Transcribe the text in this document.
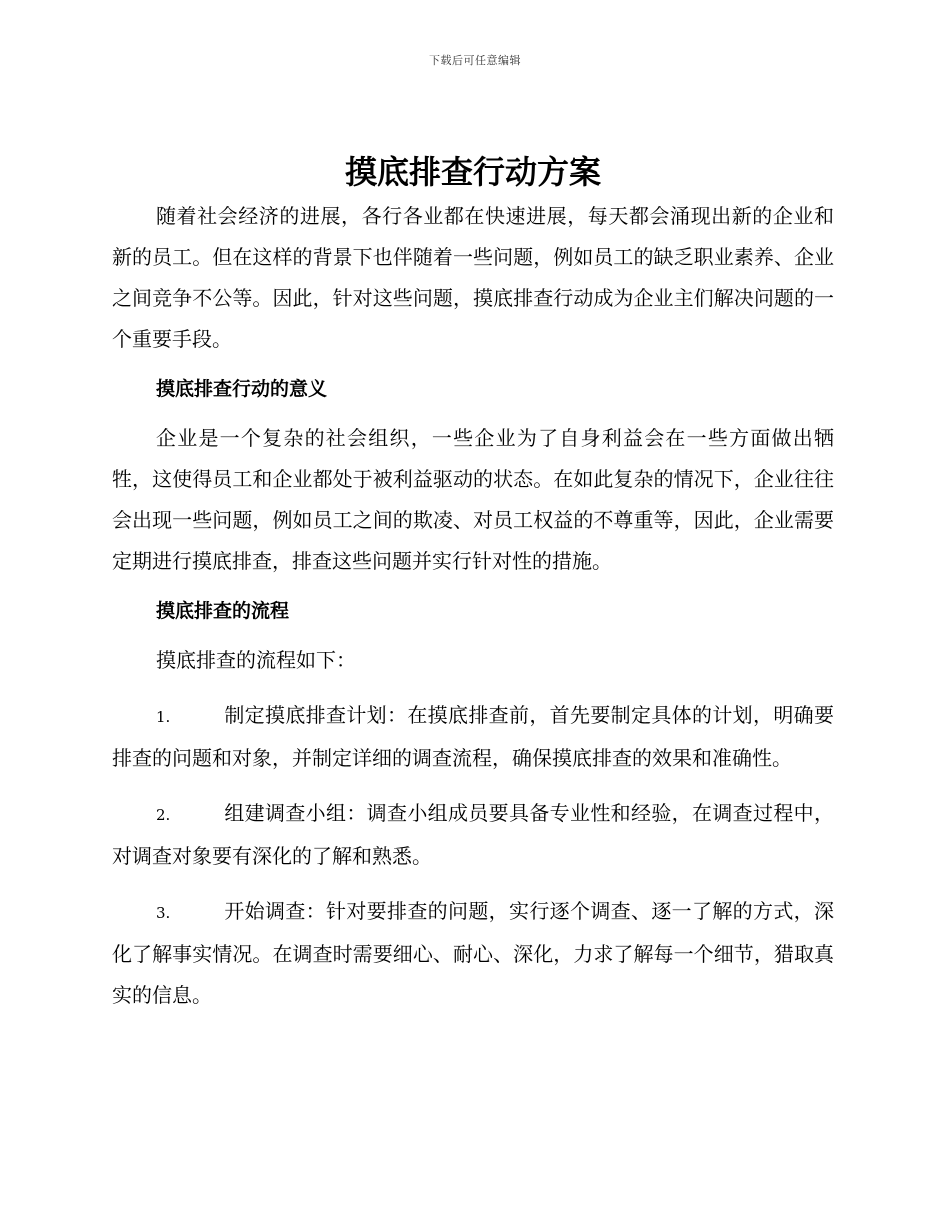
下载后可任意编辑
摸底排查行动方案

随着社会经济的进展，各行各业都在快速进展，每天都会涌现出新的企业和新的员工。但在这样的背景下也伴随着一些问题，例如员工的缺乏职业素养、企业之间竞争不公等。因此，针对这些问题，摸底排查行动成为企业主们解决问题的一个重要手段。

摸底排查行动的意义

企业是一个复杂的社会组织，一些企业为了自身利益会在一些方面做出牺牲，这使得员工和企业都处于被利益驱动的状态。在如此复杂的情况下，企业往往会出现一些问题，例如员工之间的欺凌、对员工权益的不尊重等，因此，企业需要定期进行摸底排查，排查这些问题并实行针对性的措施。

摸底排查的流程
摸底排查的流程如下：

1.	制定摸底排查计划：在摸底排查前，首先要制定具体的计划，明确要排查的问题和对象，并制定详细的调查流程，确保摸底排查的效果和准确性。

2.	组建调查小组：调查小组成员要具备专业性和经验，在调查过程中，对调查对象要有深化的了解和熟悉。

3.	开始调查：针对要排查的问题，实行逐个调查、逐一了解的方式，深化了解事实情况。在调查时需要细心、耐心、深化，力求了解每一个细节，猎取真实的信息。
